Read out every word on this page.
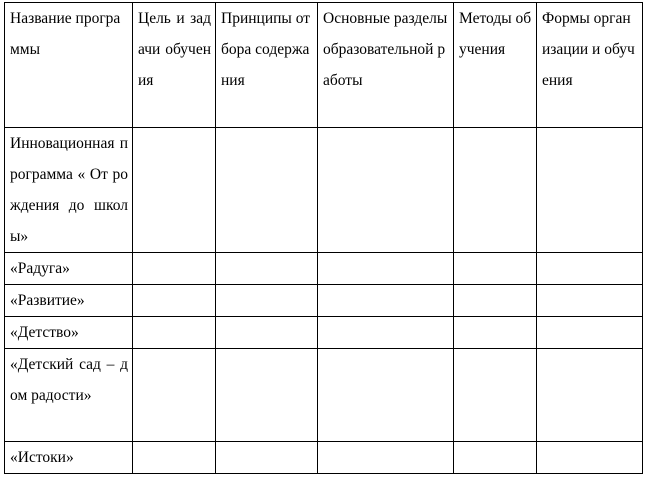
Название программы	Цель и задачи обучения	Принципы отбора содержания	Основные разделы образовательной работы	Методы обучения	Формы организации и обучения
Инновационная программа « От рождения до школы»					
«Радуга»					
«Развитие»					
«Детство»					
«Детский сад – дом радости»					
«Истоки»					
